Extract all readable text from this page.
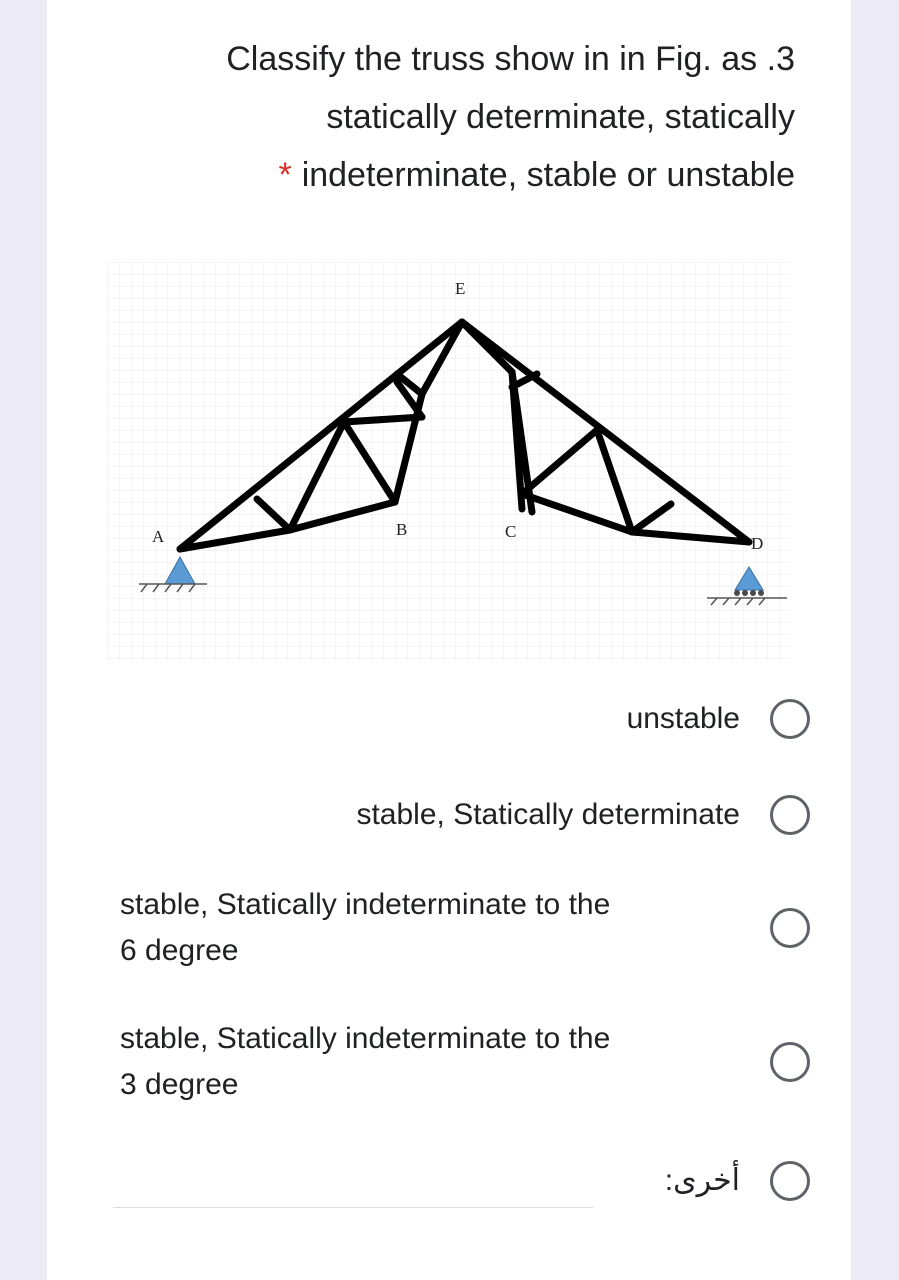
Classify the truss show in in Fig. as .3
statically determinate, statically
* indeterminate, stable or unstable
A	B	C
D
E
unstable
stable, Statically determinate
stable, Statically indeterminate to the
6 degree
stable, Statically indeterminate to the
3 degree
أخرى:
